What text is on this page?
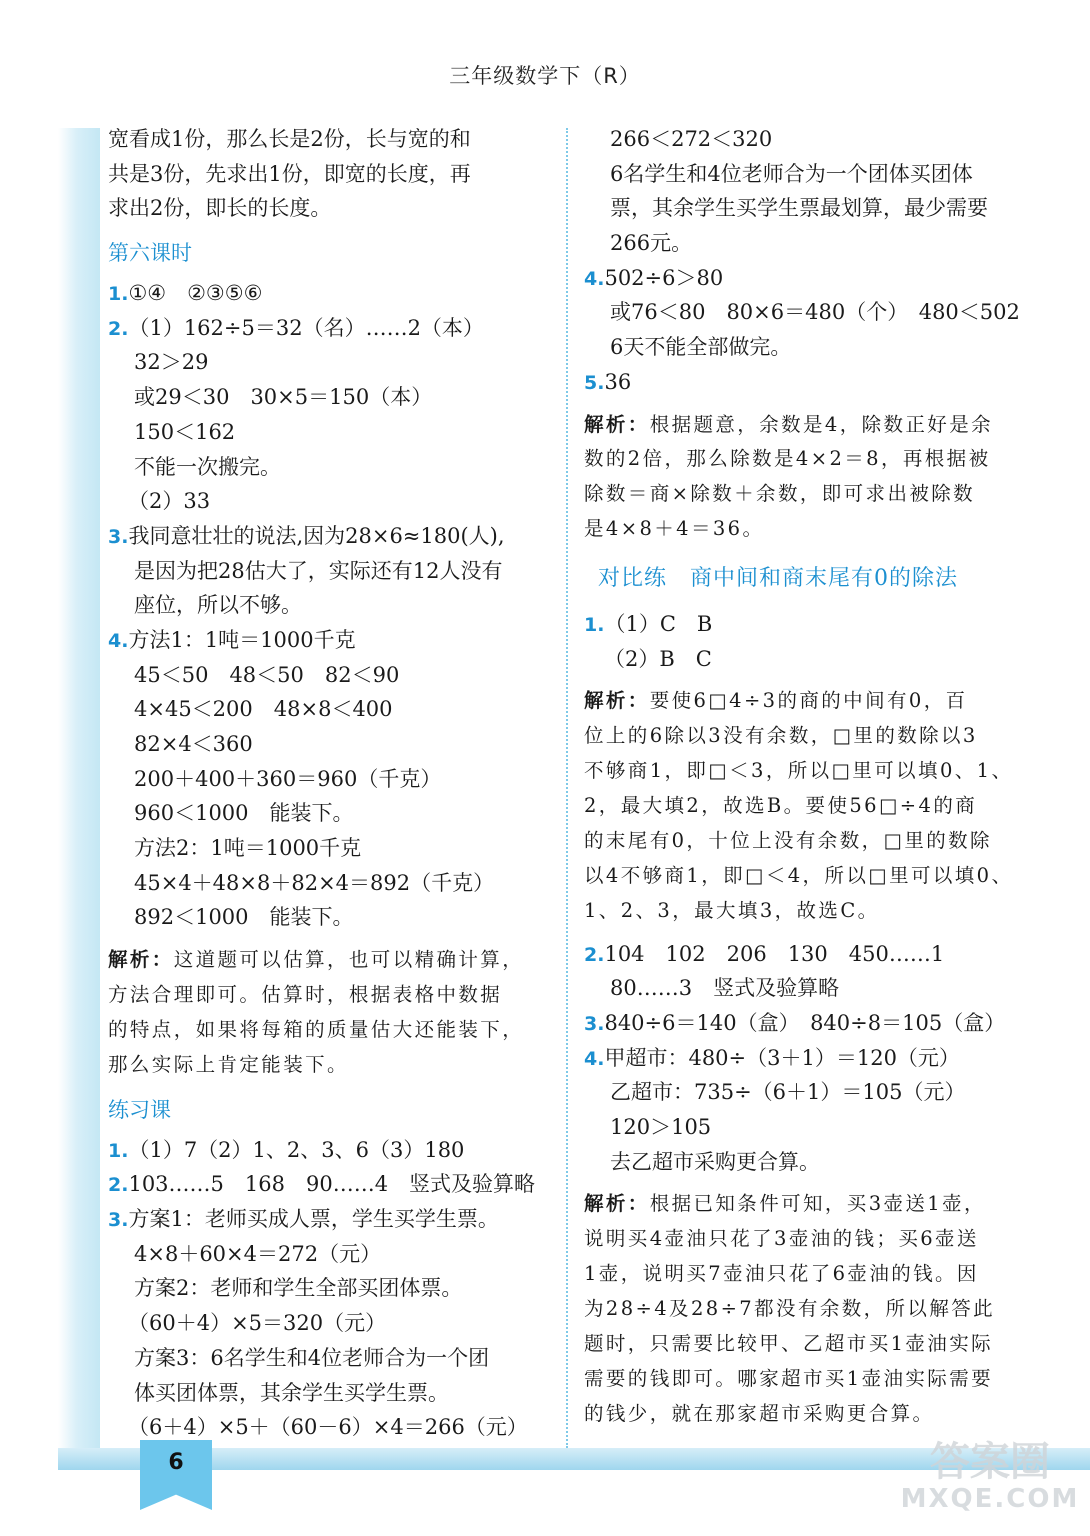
6
三年级数学下（R）
宽看成1份，那么长是2份，长与宽的和
共是3份，先求出1份，即宽的长度，再
求出2份，即长的长度。
第六课时
1.①④　②③⑤⑥
2.（1）162÷5＝32（名）……2（本）
32＞29
或29＜30　30×5＝150（本）
150＜162
不能一次搬完。
（2）33
3.我同意壮壮的说法,因为28×6≈180(人),
是因为把28估大了，实际还有12人没有
座位，所以不够。
4.方法1：1吨＝1000千克
45＜50　48＜50　82＜90
4×45＜200　48×8＜400
82×4＜360
200＋400＋360＝960（千克）
960＜1000　能装下。
方法2：1吨＝1000千克
45×4＋48×8＋82×4＝892（千克）
892＜1000　能装下。
解析：这道题可以估算，也可以精确计算，
方法合理即可。估算时，根据表格中数据
的特点，如果将每箱的质量估大还能装下，
那么实际上肯定能装下。
练习课
1.（1）7（2）1、2、3、6（3）180
2.103……5　168　90……4　竖式及验算略
3.方案1：老师买成人票，学生买学生票。
4×8＋60×4＝272（元）
方案2：老师和学生全部买团体票。
（60＋4）×5＝320（元）
方案3：6名学生和4位老师合为一个团
体买团体票，其余学生买学生票。
（6＋4）×5＋（60－6）×4＝266（元）
266＜272＜320
6名学生和4位老师合为一个团体买团体
票，其余学生买学生票最划算，最少需要
266元。
4.502÷6＞80
或76＜80　80×6＝480（个）　480＜502
6天不能全部做完。
5.36
解析：根据题意，余数是4，除数正好是余
数的2倍，那么除数是4×2＝8，再根据被
除数＝商×除数＋余数，即可求出被除数
是4×8＋4＝36。
对比练　商中间和商末尾有0的除法
1.（1）C　B
（2）B　C
解析：要使6□4÷3的商的中间有0，百
位上的6除以3没有余数，□里的数除以3
不够商1，即□＜3，所以□里可以填0、1、
2，最大填2，故选B。要使56□÷4的商
的末尾有0，十位上没有余数，□里的数除
以4不够商1，即□＜4，所以□里可以填0、
1、2、3，最大填3，故选C。
2.104　102　206　130　450……1
80……3　竖式及验算略
3.840÷6＝140（盒）　840÷8＝105（盒）
4.甲超市：480÷（3＋1）＝120（元）
乙超市：735÷（6＋1）＝105（元）
120＞105
去乙超市采购更合算。
解析：根据已知条件可知，买3壶送1壶，
说明买4壶油只花了3壶油的钱；买6壶送
1壶，说明买7壶油只花了6壶油的钱。因
为28÷4及28÷7都没有余数，所以解答此
题时，只需要比较甲、乙超市买1壶油实际
需要的钱即可。哪家超市买1壶油实际需要
的钱少，就在那家超市采购更合算。
答案圈
MXQE.COM
